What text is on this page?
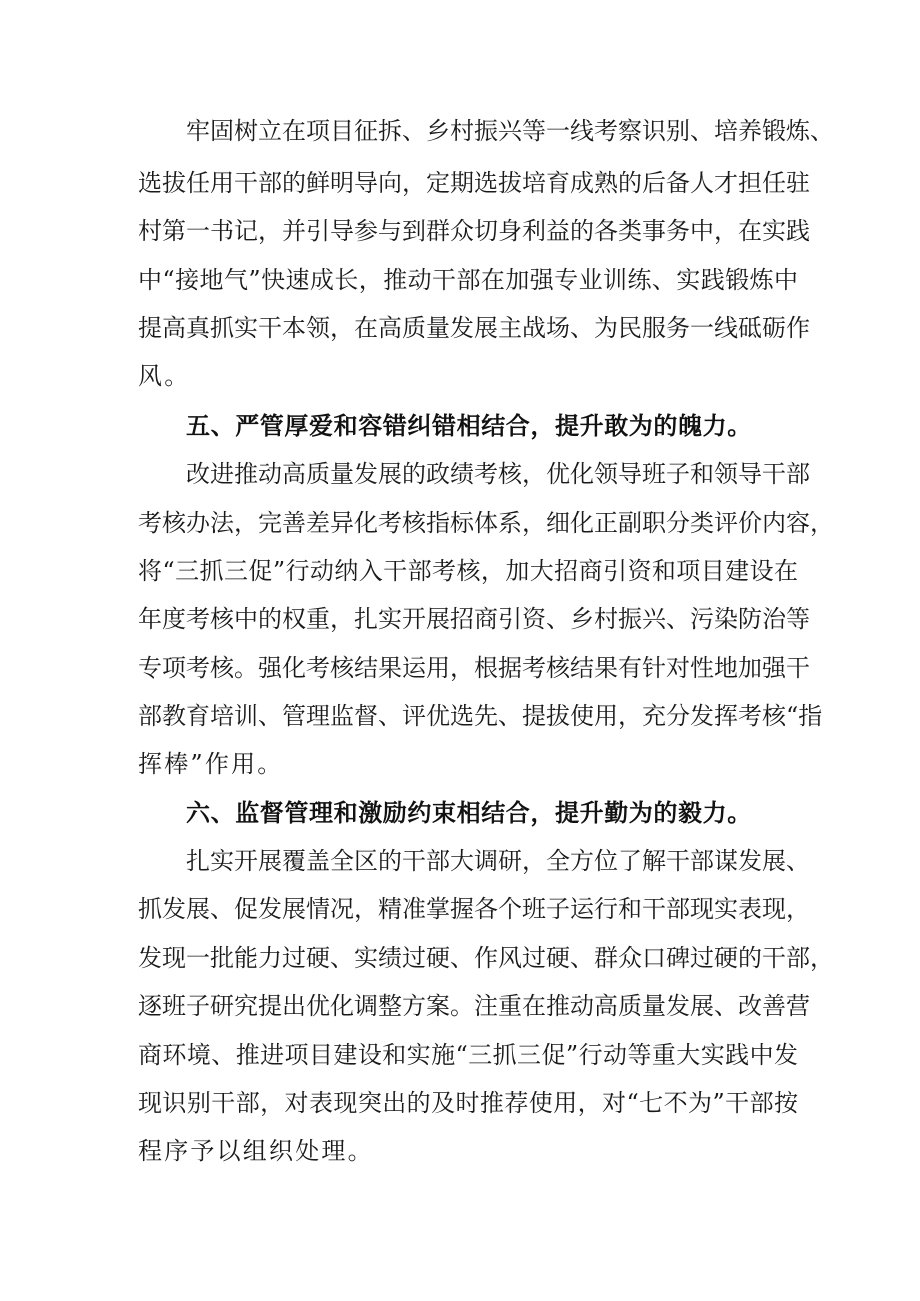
牢固树立在项目征拆、乡村振兴等一线考察识别、培养锻炼、
选拔任用干部的鲜明导向，定期选拔培育成熟的后备人才担任驻
村第一书记，并引导参与到群众切身利益的各类事务中，在实践
中“接地气”快速成长，推动干部在加强专业训练、实践锻炼中
提高真抓实干本领，在高质量发展主战场、为民服务一线砥砺作
风。
五、严管厚爱和容错纠错相结合，提升敢为的魄力。
改进推动高质量发展的政绩考核，优化领导班子和领导干部
考核办法，完善差异化考核指标体系，细化正副职分类评价内容，
将“三抓三促”行动纳入干部考核，加大招商引资和项目建设在
年度考核中的权重，扎实开展招商引资、乡村振兴、污染防治等
专项考核。强化考核结果运用，根据考核结果有针对性地加强干
部教育培训、管理监督、评优选先、提拔使用，充分发挥考核“指
挥棒”作用。
六、监督管理和激励约束相结合，提升勤为的毅力。
扎实开展覆盖全区的干部大调研，全方位了解干部谋发展、
抓发展、促发展情况，精准掌握各个班子运行和干部现实表现，
发现一批能力过硬、实绩过硬、作风过硬、群众口碑过硬的干部，
逐班子研究提出优化调整方案。注重在推动高质量发展、改善营
商环境、推进项目建设和实施“三抓三促”行动等重大实践中发
现识别干部，对表现突出的及时推荐使用，对“七不为”干部按
程序予以组织处理。
